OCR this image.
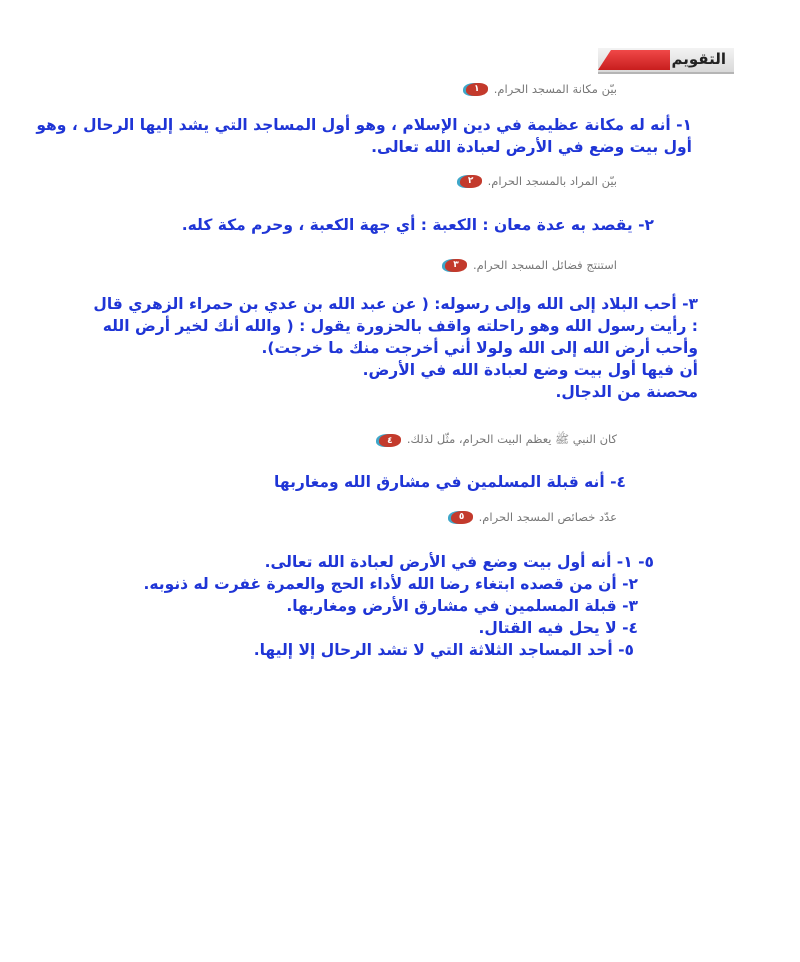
التقويم
١	بيّن مكانة المسجد الحرام.
١- أنه له مكانة عظيمة في دين الإسلام ، وهو أول المساجد التي يشد إليها الرحال ، وهو
أول بيت وضع في الأرض لعبادة الله تعالى.
٢	بيّن المراد بالمسجد الحرام.
٢- يقصد به عدة معان : الكعبة : أي جهة الكعبة ، وحرم مكة كله.
٣	استنتج فضائل المسجد الحرام.
٣- أحب البلاد إلى الله وإلى رسوله: ( عن عبد الله بن عدي بن حمراء الزهري قال
: رأيت رسول الله وهو راحلته واقف بالحزورة يقول : ( والله أنك لخير أرض الله
وأحب أرض الله إلى الله ولولا أني أخرجت منك ما خرجت).
أن فيها أول بيت وضع لعبادة الله في الأرض.
محصنة من الدجال.
٤	كان النبي ﷺ يعظم البيت الحرام، مثّل لذلك.
٤- أنه قبلة المسلمين في مشارق الله ومغاربها
٥	عدّد خصائص المسجد الحرام.
٥- ١- أنه أول بيت وضع في الأرض لعبادة الله تعالى.
٢- أن من قصده ابتغاء رضا الله لأداء الحج والعمرة غفرت له ذنوبه.
٣- قبلة المسلمين في مشارق الأرض ومغاربها.
٤- لا يحل فيه القتال.
٥- أحد المساجد الثلاثة التي لا تشد الرحال إلا إليها.
